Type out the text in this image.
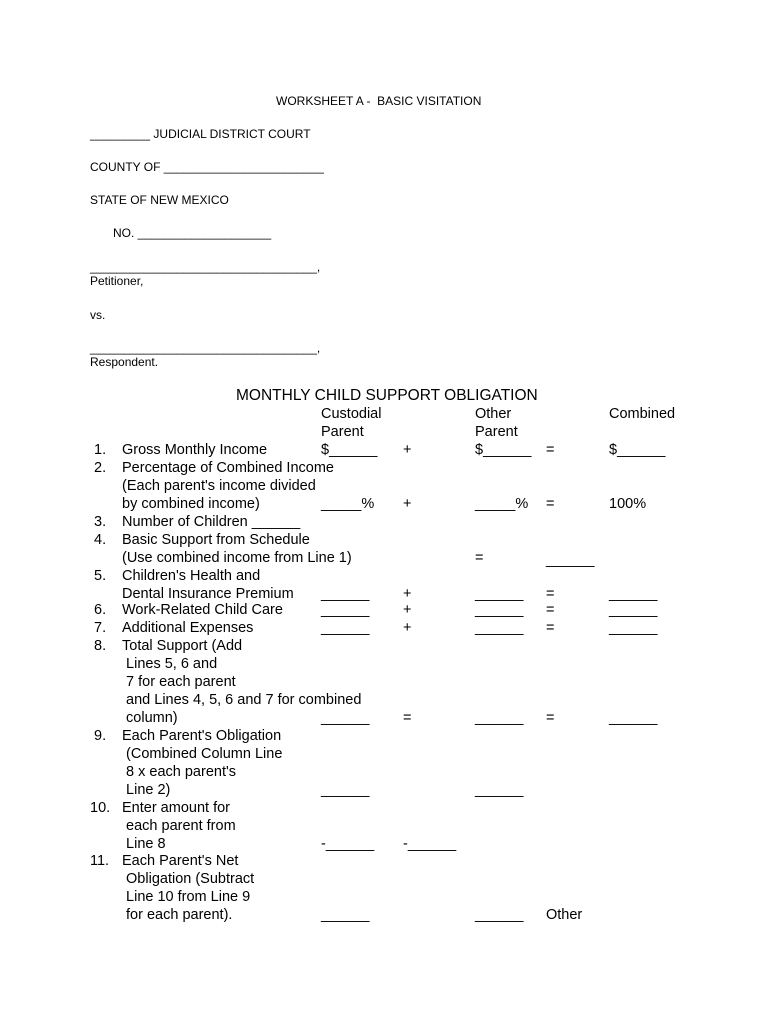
WORKSHEET A -  BASIC VISITATION
_________ JUDICIAL DISTRICT COURT
COUNTY OF ________________________
STATE OF NEW MEXICO
NO. ____________________
__________________________________,
Petitioner,
vs.
__________________________________,
Respondent.
MONTHLY CHILD SUPPORT OBLIGATION
Custodial
Parent
Other
Parent
Combined
1. Gross Monthly Income	$______ +	$______ =	$______
2. Percentage of Combined Income
(Each parent's income divided
by combined income)	_____% +	_____% =	100%
3. Number of Children ______
4. Basic Support from Schedule
(Use combined income from Line 1)	=	______
5. Children's Health and
Dental Insurance Premium ______ +	______ =	______
6. Work-Related Child Care	______ +	______ =	______
7. Additional Expenses	______ +	______ =	______
8. Total Support (Add
Lines 5, 6 and
7 for each parent
and Lines 4, 5, 6 and 7 for combined
column)	______ =	______ =	______
9. Each Parent's Obligation
(Combined Column Line
8 x each parent's
Line 2)	______	______
10. Enter amount for
each parent from
Line 8	-______ -______
11. Each Parent's Net
Obligation (Subtract
Line 10 from Line 9
for each parent).	______	______ Other
